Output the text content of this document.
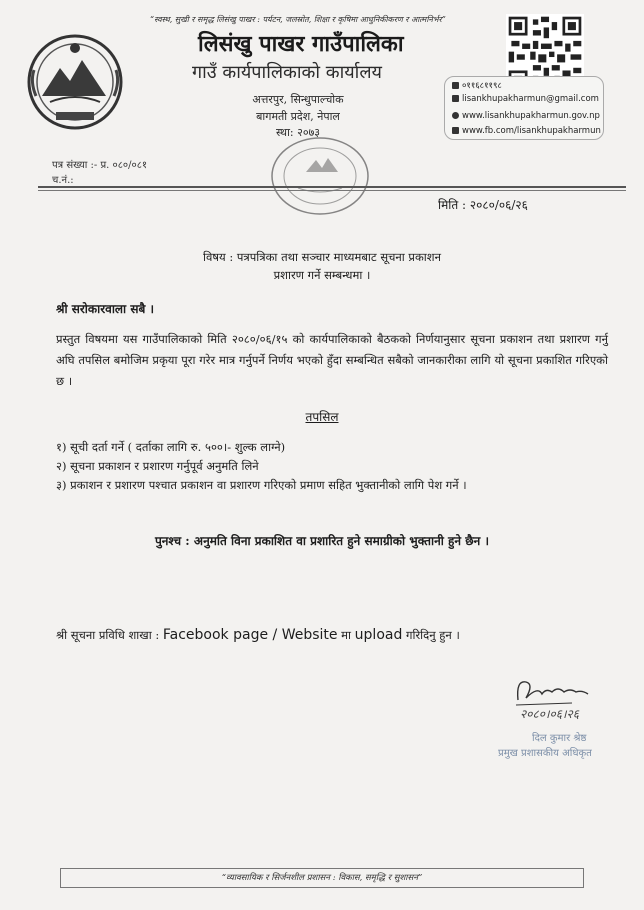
“स्वस्थ, सुखी र समृद्ध लिसंखु पाखर : पर्यटन, जलस्रोत, शिक्षा र कृषिमा आधुनिकीकरण र आत्मनिर्भर”
लिसंखु पाखर गाउँपालिका
गाउँ कार्यपालिकाको कार्यालय
अत्तरपुर, सिन्धुपाल्चोक
बागमती प्रदेश, नेपाल
स्था: २०७३
०११६८११९८
lisankhupakharmun@gmail.com
www.lisankhupakharmun.gov.np
www.fb.com/lisankhupakharmun
पत्र संख्या :- प्र. ०८०/०८१
च.नं.:
मिति : २०८०/०६/२६
विषय : पत्रपत्रिका तथा सञ्चार माध्यमबाट सूचना प्रकाशन
प्रशारण गर्ने सम्बन्धमा ।
श्री सरोकारवाला सबै ।
प्रस्तुत विषयमा यस गाउँपालिकाको मिति २०८०/०६/१५ को कार्यपालिकाको बैठकको निर्णयानुसार सूचना प्रकाशन तथा प्रशारण गर्नु अघि तपसिल बमोजिम प्रकृया पूरा गरेर मात्र गर्नुपर्ने निर्णय भएको हुँदा सम्बन्धित सबैको जानकारीका लागि यो सूचना प्रकाशित गरिएको छ ।
तपसिल
१) सूची दर्ता गर्ने ( दर्ताका लागि रु. ५००।- शुल्क लाग्ने)
२) सूचना प्रकाशन र प्रशारण गर्नुपूर्व अनुमति लिने
३) प्रकाशन र प्रशारण पश्चात प्रकाशन वा प्रशारण गरिएको प्रमाण सहित भुक्तानीको लागि पेश गर्ने ।
पुनश्च : अनुमति विना प्रकाशित वा प्रशारित हुने समाग्रीको भुक्तानी हुने छैन ।
श्री सूचना प्रविधि शाखा : Facebook page / Website मा upload गरिदिनु हुन ।
२०८०।०६।२६
दिल कुमार श्रेष्ठ
प्रमुख प्रशासकीय अधिकृत
“व्यावसायिक र सिर्जनशील प्रशासन : विकास, समृद्धि र सुशासन”
